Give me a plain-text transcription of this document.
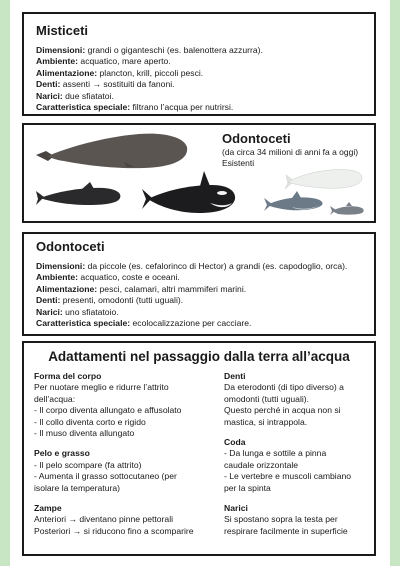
Misticeti
Dimensioni: grandi o giganteschi (es. balenottera azzurra).
Ambiente: acquatico, mare aperto.
Alimentazione: plancton, krill, piccoli pesci.
Denti: assenti → sostituiti da fanoni.
Narici: due sfiatatoi.
Caratteristica speciale: filtrano l’acqua per nutrirsi.
Odontoceti
(da circa 34 milioni di anni fa a oggi)
Esistenti
Odontoceti
Dimensioni: da piccole (es. cefalorinco di Hector) a grandi (es. capodoglio, orca).
Ambiente: acquatico, coste e oceani.
Alimentazione: pesci, calamari, altri mammiferi marini.
Denti: presenti, omodonti (tutti uguali).
Narici: uno sfiatatoio.
Caratteristica speciale: ecolocalizzazione per cacciare.
Adattamenti nel passaggio dalla terra all’acqua
Forma del corpo
Per nuotare meglio e ridurre l’attrito
dell’acqua:
- Il corpo diventa allungato e affusolato
- Il collo diventa corto e rigido
- Il muso diventa allungato
Pelo e grasso
- Il pelo scompare (fa attrito)
- Aumenta il grasso sottocutaneo (per
isolare la temperatura)
Zampe
Anteriori → diventano pinne pettorali
Posteriori → si riducono fino a scomparire
Denti
Da eterodonti (di tipo diverso) a
omodonti (tutti uguali).
Questo perché in acqua non si
mastica, si intrappola.
Coda
- Da lunga e sottile a pinna
caudale orizzontale
- Le vertebre e muscoli cambiano
per la spinta
Narici
Si spostano sopra la testa per
respirare facilmente in superficie
